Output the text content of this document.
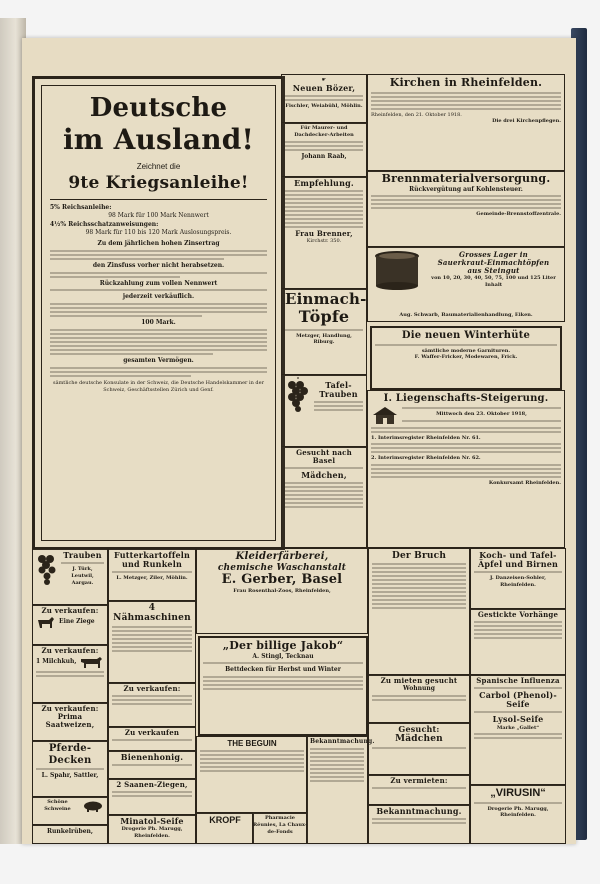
Deutsche
im Ausland!
Zeichnet die
9te Kriegsanleihe!
5% Reichsanleihe:
98 Mark für 100 Mark Nennwert
4½% Reichsschatzanweisungen:
98 Mark für 110 bis 120 Mark Auslosungspreis.
Zu dem jährlichen hohen Zinsertrag
den Zinsfuss vorher nicht herabsetzen.
Rückzahlung zum vollen Nennwert
jederzeit verkäuflich.
100 Mark.
gesamten Vermögen.
sämtliche deutsche Konsulate in der Schweiz, die Deutsche Handelskammer in der Schweiz, Geschäftsstellen Zürich und Genf.
☛
Neuen Bözer,
Fischler, Weiabühl, Möhlin.
Für Maurer- und Dachdecker-Arbeiten
Johann Raab,
Empfehlung.
Frau Brenner,
Kirchstr. 350.
Einmach-
Töpfe
Metzger, Handlung, Riburg.
Tafel-Trauben
Gesucht nach Basel
Mädchen,
Kirchen in Rheinfelden.
Rheinfelden, den 21. Oktober 1918.
Die drei Kirchenpflegen.
Brennmaterialversorgung.
Rückvergütung auf Kohlensteuer.
Gemeinde-Brennstoffzentrale.
Grosses Lager in
Sauerkraut-Einmachtöpfen
aus Steingut
von 10, 20, 30, 40, 50, 75, 100 und 125 Liter Inhalt
Aug. Schwarb, Baumaterialienhandlung, Eiken.
Die neuen Winterhüte
sämtliche moderne Garnituren.
F. Waffer-Fricker, Modewaren, Frick.
I. Liegenschafts-Steigerung.
Mittwoch den 23. Oktober 1918,
1. Interimsregister Rheinfelden Nr. 61.
2. Interimsregister Rheinfelden Nr. 62.
Konkursamt Rheinfelden.
Trauben
J. Türk, Leutwil, Aargau.
Zu verkaufen:
Eine Ziege
Zu verkaufen:
1 Milchkuh,
Zu verkaufen:
Prima Saatweizen,
Pferde-Decken
L. Spahr, Sattler,
Schöne Schweine
Runkelrüben,
Futterkartoffeln und Runkeln
L. Metzger, Ziler, Möhlin.
4 Nähmaschinen
Zu verkaufen:
Zu verkaufen
Bienenhonig.
2 Saanen-Ziegen,
Minatol-Seife
Drogerie Ph. Marugg, Rheinfelden.
Kleiderfärberei,
chemische Waschanstalt
E. Gerber, Basel
Frau Rosenthal-Zoos, Rheinfelden,
„Der billige Jakob“
A. Stingl, Tecknau
Bettdecken für Herbst und Winter
THE BEGUIN
KROPF	Pharmacie Réunies, La Chaux-de-Fonds
Bekanntmachung.
Der Bruch
Zu mieten gesucht
Wohnung
Gesucht:
Mädchen
Zu vermieten:
Bekanntmachung.
Koch- und Tafel-Äpfel und Birnen
J. Danzeisen-Sohler, Rheinfelden.
Gestickte Vorhänge
Spanische Influenza
Carbol (Phenol)-Seife
Lysol-Seife
Marke „Gallet“
„VIRUSIN“
Drogerie Ph. Marugg, Rheinfelden.
